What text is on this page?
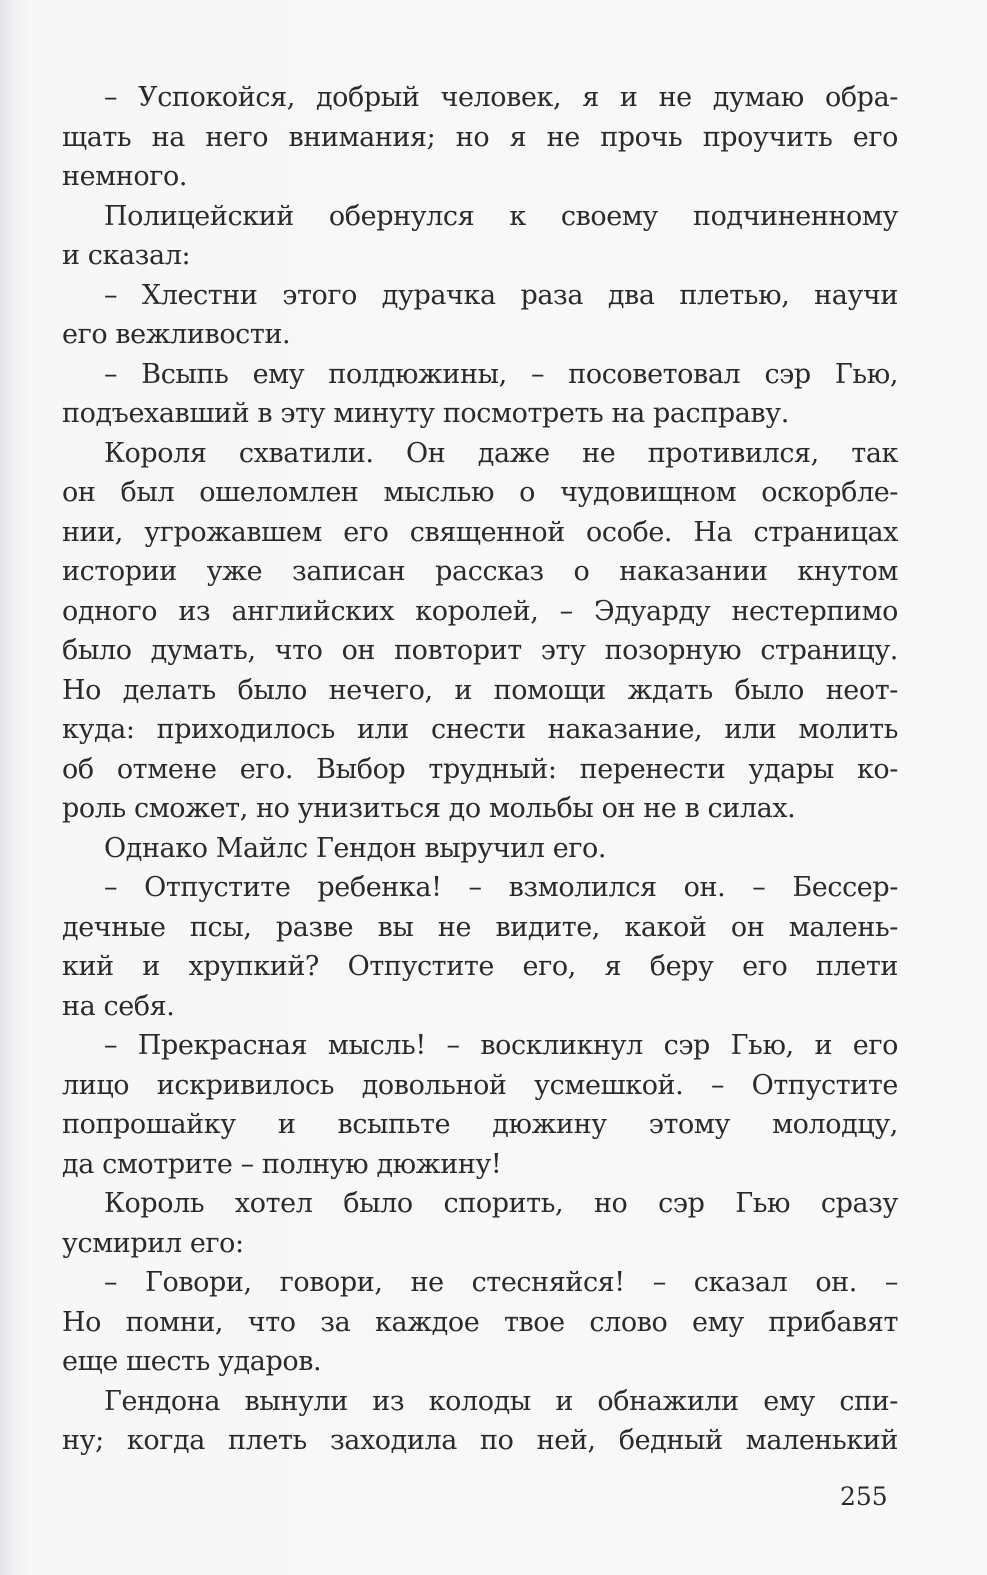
– Успокойся, добрый человек, я и не думаю обра-
щать на него внимания; но я не прочь проучить его
немного.
Полицейский обернулся к своему подчиненному
и сказал:
– Хлестни этого дурачка раза два плетью, научи
его вежливости.
– Всыпь ему полдюжины, – посоветовал сэр Гью,
подъехавший в эту минуту посмотреть на расправу.
Короля схватили. Он даже не противился, так
он был ошеломлен мыслью о чудовищном оскорбле-
нии, угрожавшем его священной особе. На страницах
истории уже записан рассказ о наказании кнутом
одного из английских королей, – Эдуарду нестерпимо
было думать, что он повторит эту позорную страницу.
Но делать было нечего, и помощи ждать было неот-
куда: приходилось или снести наказание, или молить
об отмене его. Выбор трудный: перенести удары ко-
роль сможет, но унизиться до мольбы он не в силах.
Однако Майлс Гендон выручил его.
– Отпустите ребенка! – взмолился он. – Бессер-
дечные псы, разве вы не видите, какой он малень-
кий и хрупкий? Отпустите его, я беру его плети
на себя.
– Прекрасная мысль! – воскликнул сэр Гью, и его
лицо искривилось довольной усмешкой. – Отпустите
попрошайку и всыпьте дюжину этому молодцу,
да смотрите – полную дюжину!
Король хотел было спорить, но сэр Гью сразу
усмирил его:
– Говори, говори, не стесняйся! – сказал он. –
Но помни, что за каждое твое слово ему прибавят
еще шесть ударов.
Гендона вынули из колоды и обнажили ему спи-
ну; когда плеть заходила по ней, бедный маленький
255
